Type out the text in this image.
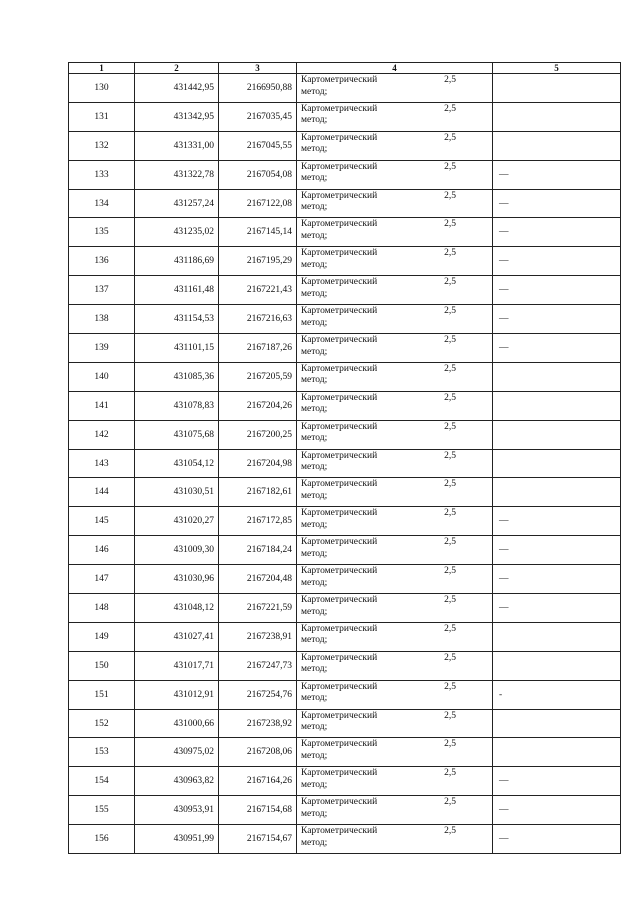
1	2	3	4	5
130	431442,95	2166950,88	Картометрический
метод;
2,5	

131	431342,95	2167035,45	Картометрический
метод;
2,5	

132	431331,00	2167045,55	Картометрический
метод;
2,5	

133	431322,78	2167054,08	Картометрический
метод;
2,5	—
134	431257,24	2167122,08	Картометрический
метод;
2,5	—
135	431235,02	2167145,14	Картометрический
метод;
2,5	—
136	431186,69	2167195,29	Картометрический
метод;
2,5	—
137	431161,48	2167221,43	Картометрический
метод;
2,5	—
138	431154,53	2167216,63	Картометрический
метод;
2,5	—
139	431101,15	2167187,26	Картометрический
метод;
2,5	—
140	431085,36	2167205,59	Картометрический
метод;
2,5	

141	431078,83	2167204,26	Картометрический
метод;
2,5	

142	431075,68	2167200,25	Картометрический
метод;
2,5	

143	431054,12	2167204,98	Картометрический
метод;
2,5	

144	431030,51	2167182,61	Картометрический
метод;
2,5	

145	431020,27	2167172,85	Картометрический
метод;
2,5	—
146	431009,30	2167184,24	Картометрический
метод;
2,5	—
147	431030,96	2167204,48	Картометрический
метод;
2,5	—
148	431048,12	2167221,59	Картометрический
метод;
2,5	—
149	431027,41	2167238,91	Картометрический
метод;
2,5	

150	431017,71	2167247,73	Картометрический
метод;
2,5	

151	431012,91	2167254,76	Картометрический
метод;
2,5	-
152	431000,66	2167238,92	Картометрический
метод;
2,5	

153	430975,02	2167208,06	Картометрический
метод;
2,5	

154	430963,82	2167164,26	Картометрический
метод;
2,5	—
155	430953,91	2167154,68	Картометрический
метод;
2,5	—
156	430951,99	2167154,67	Картометрический
метод;
2,5	—
